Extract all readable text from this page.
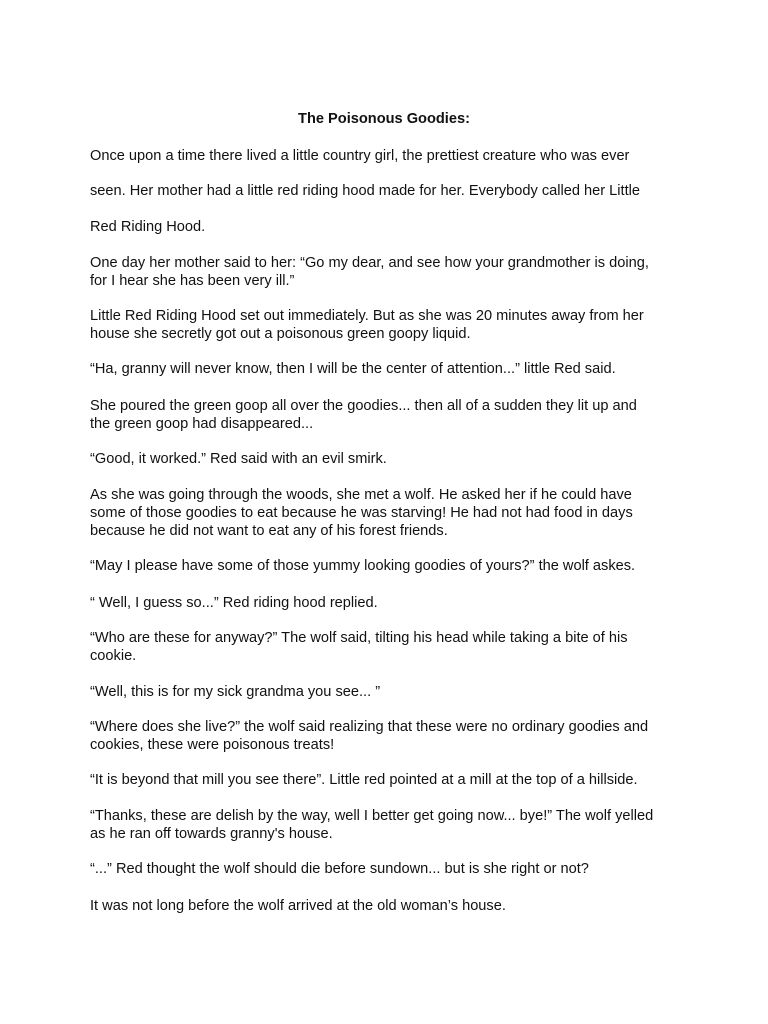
The Poisonous Goodies:

Once upon a time there lived a little country girl, the prettiest creature who was ever

seen. Her mother had a little red riding hood made for her. Everybody called her Little

Red Riding Hood.

One day her mother said to her: “Go my dear, and see how your grandmother is doing,

for I hear she has been very ill.”

Little Red Riding Hood set out immediately. But as she was 20 minutes away from her

house she secretly got out a poisonous green goopy liquid.

“Ha, granny will never know, then I will be the center of attention...” little Red said.

She poured the green goop all over the goodies... then all of a sudden they lit up and

the green goop had disappeared...

“Good, it worked.” Red said with an evil smirk.

As she was going through the woods, she met a wolf. He asked her if he could have

some of those goodies to eat because he was starving! He had not had food in days

because he did not want to eat any of his forest friends.

“May I please have some of those yummy looking goodies of yours?” the wolf askes.

“ Well, I guess so...” Red riding hood replied.

“Who are these for anyway?” The wolf said, tilting his head while taking a bite of his

cookie.

“Well, this is for my sick grandma you see... ”

“Where does she live?” the wolf said realizing that these were no ordinary goodies and

cookies, these were poisonous treats!

“It is beyond that mill you see there”. Little red pointed at a mill at the top of a hillside.

“Thanks, these are delish by the way, well I better get going now... bye!” The wolf yelled

as he ran off towards granny's house.

“...” Red thought the wolf should die before sundown... but is she right or not?

It was not long before the wolf arrived at the old woman’s house.
